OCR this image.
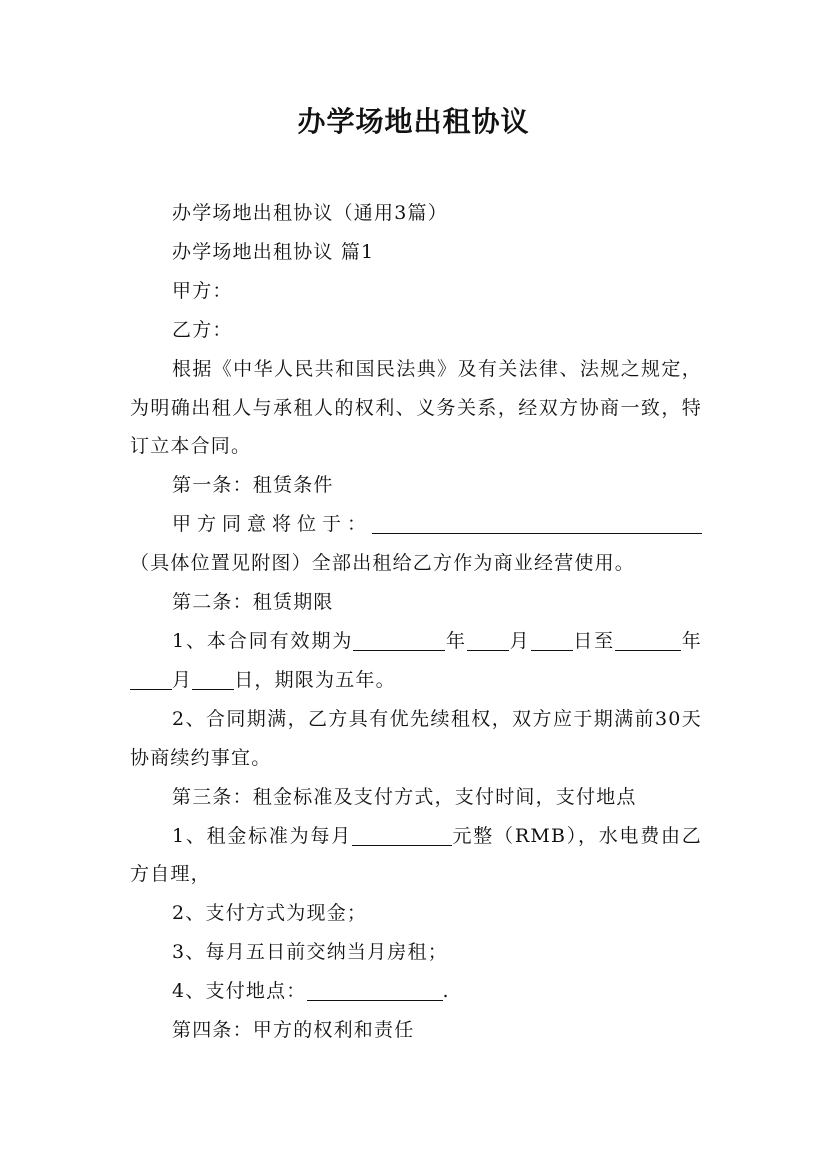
办学场地出租协议

办学场地出租协议（通用3篇）

办学场地出租协议 篇1

甲方：

乙方：

根据《中华人民共和国民法典》及有关法律、法规之规定，为明确出租人与承租人的权利、义务关系，经双方协商一致，特订立本合同。

第一条：租赁条件

甲方同意将位于：（具体位置见附图）全部出租给乙方作为商业经营使用。

第二条：租赁期限

1、本合同有效期为	年 月 日至	年月 日，期限为五年。

2、合同期满，乙方具有优先续租权，双方应于期满前30天协商续约事宜。

第三条：租金标准及支付方式，支付时间，支付地点

1、租金标准为每月	元整（RMB），水电费由乙方自理，

2、支付方式为现金；

3、每月五日前交纳当月房租；

4、支付地点：	.

第四条：甲方的权利和责任
